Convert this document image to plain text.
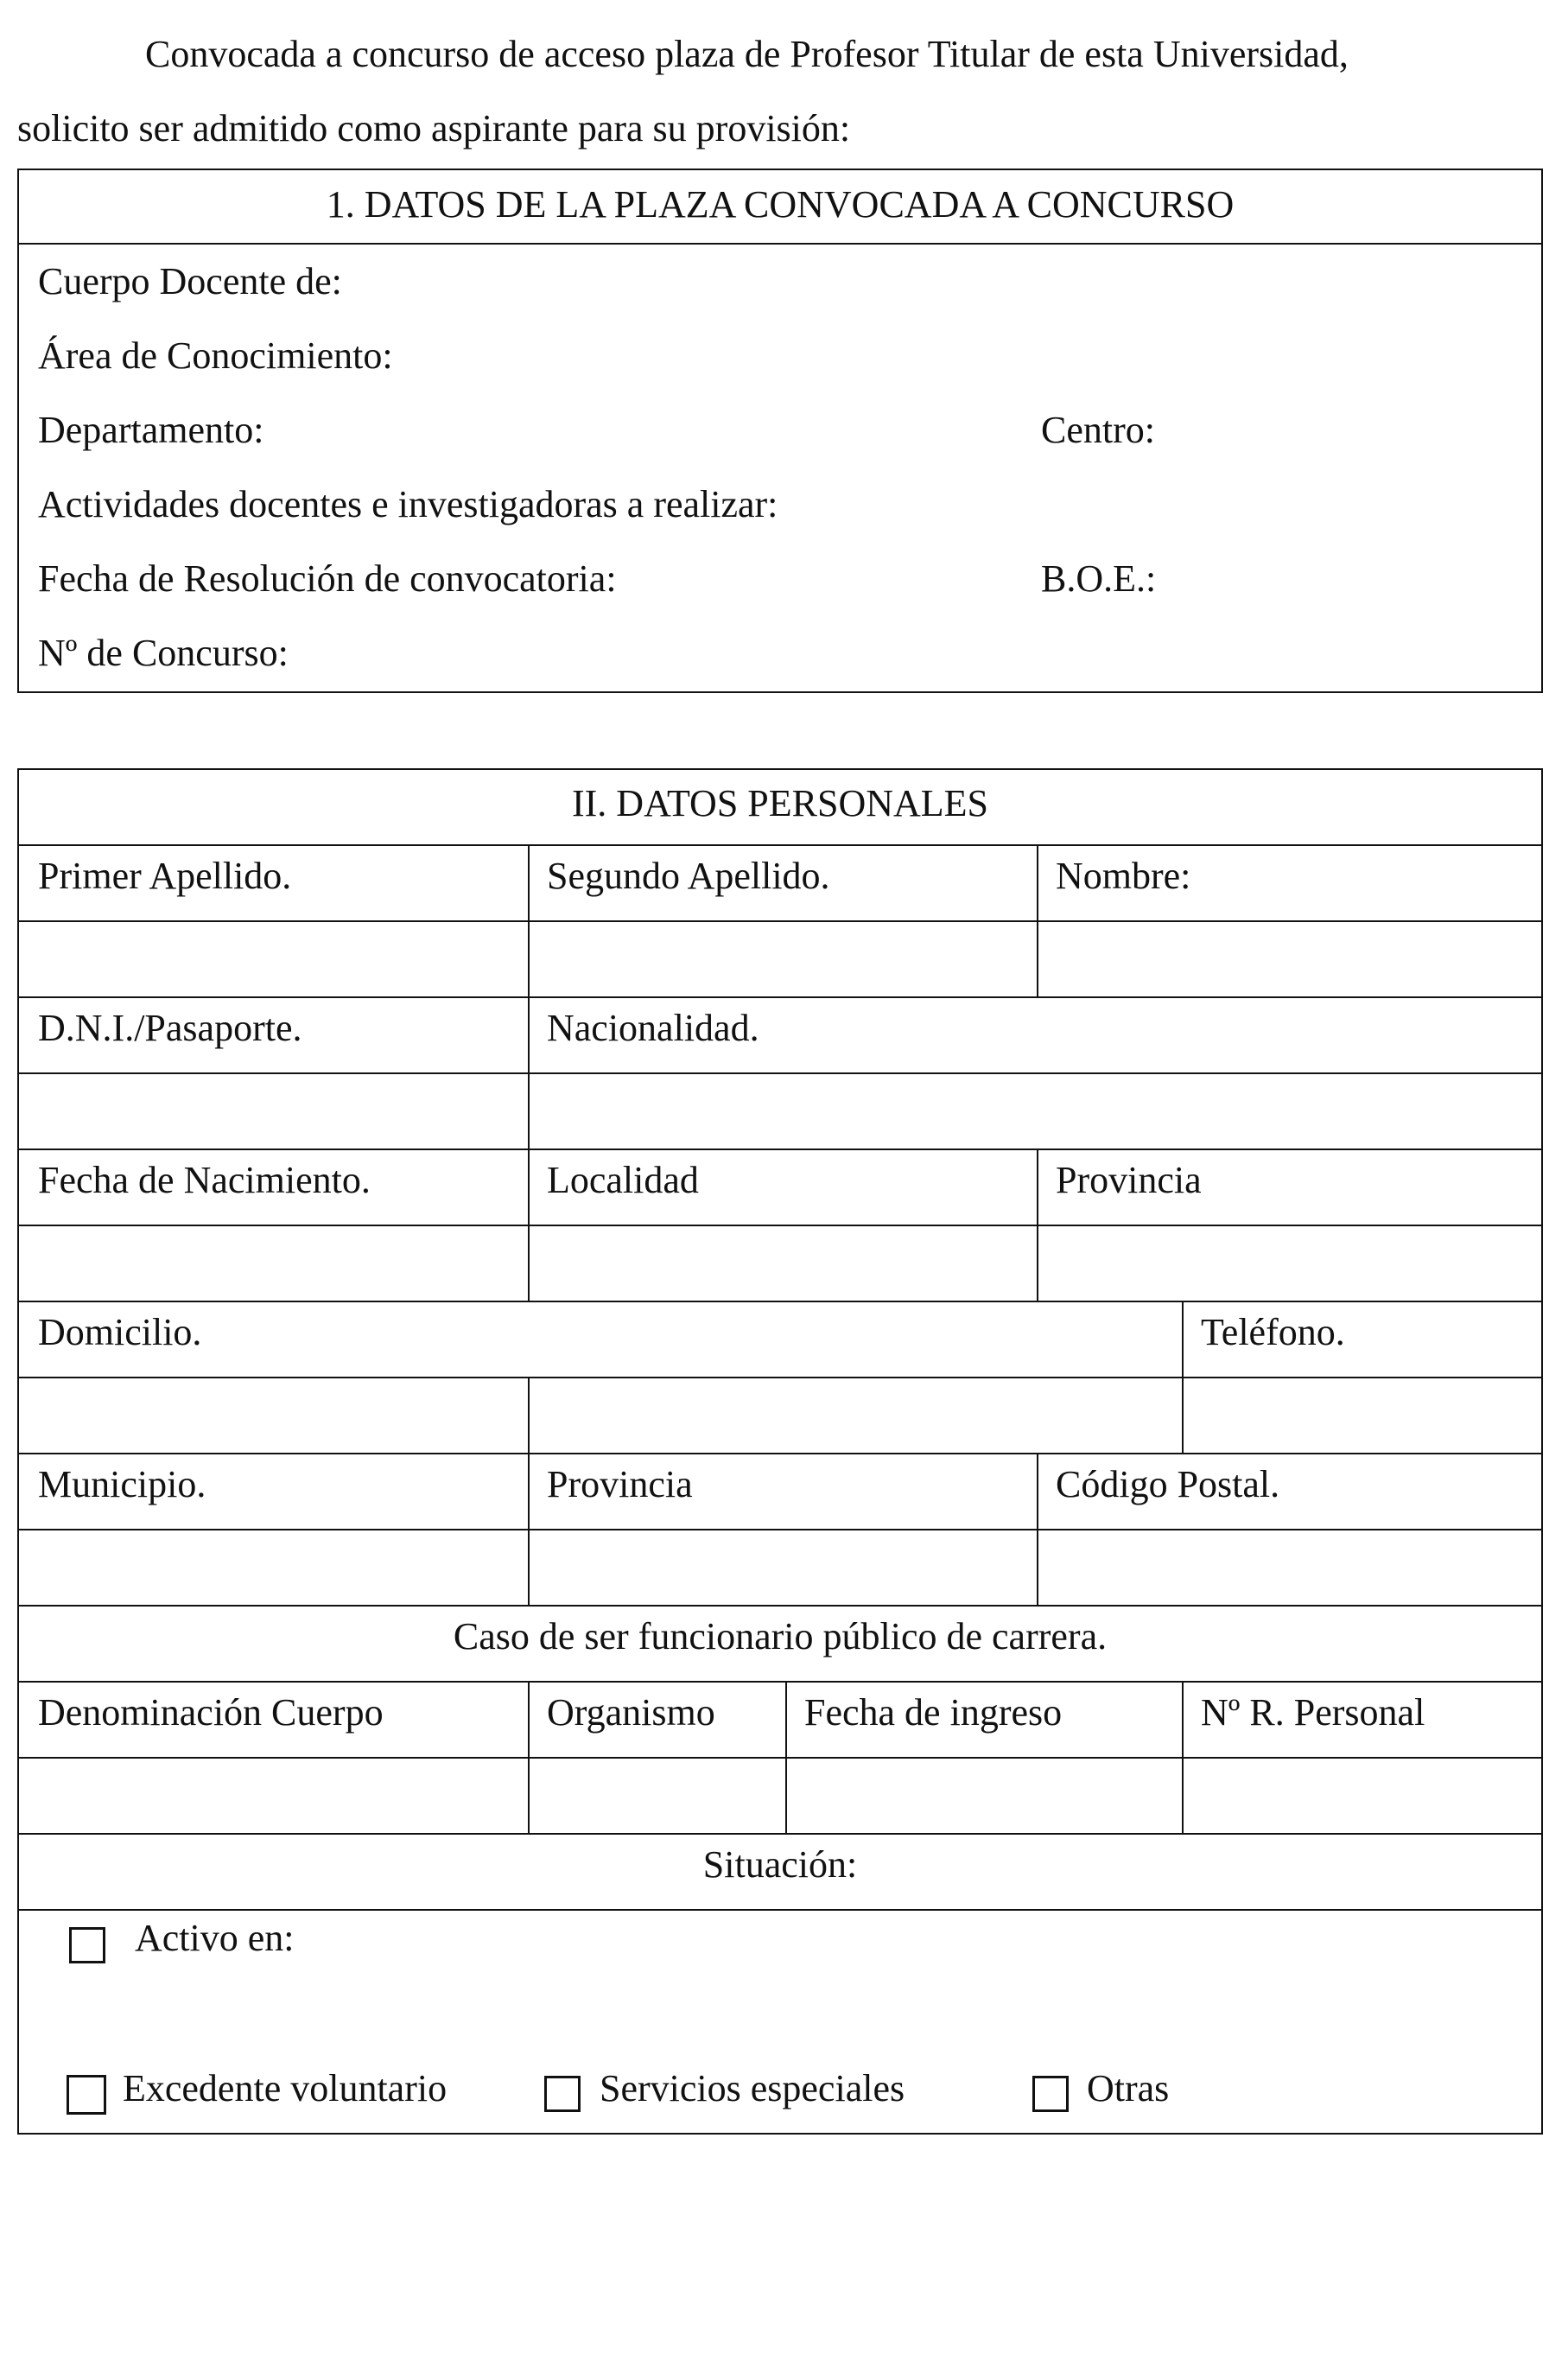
Convocada a concurso de acceso plaza de Profesor Titular de esta Universidad,
solicito ser admitido como aspirante para su provisión:

1. DATOS DE LA PLAZA CONVOCADA A CONCURSO
Cuerpo Docente de:
Área de Conocimiento:
Departamento:	Centro:
Actividades docentes e investigadoras a realizar:
Fecha de Resolución de convocatoria:	B.O.E.:
Nº de Concurso:
II. DATOS PERSONALES
Primer Apellido.	Segundo Apellido.	Nombre:
D.N.I./Pasaporte.	Nacionalidad.
Fecha de Nacimiento.	Localidad	Provincia
Domicilio.	Teléfono.
Municipio.	Provincia	Código Postal.
Caso de ser funcionario público de carrera.
Denominación Cuerpo	Organismo	Fecha de ingreso	Nº R. Personal
Situación:
Activo en:
Excedente voluntario	Servicios especiales	Otras
